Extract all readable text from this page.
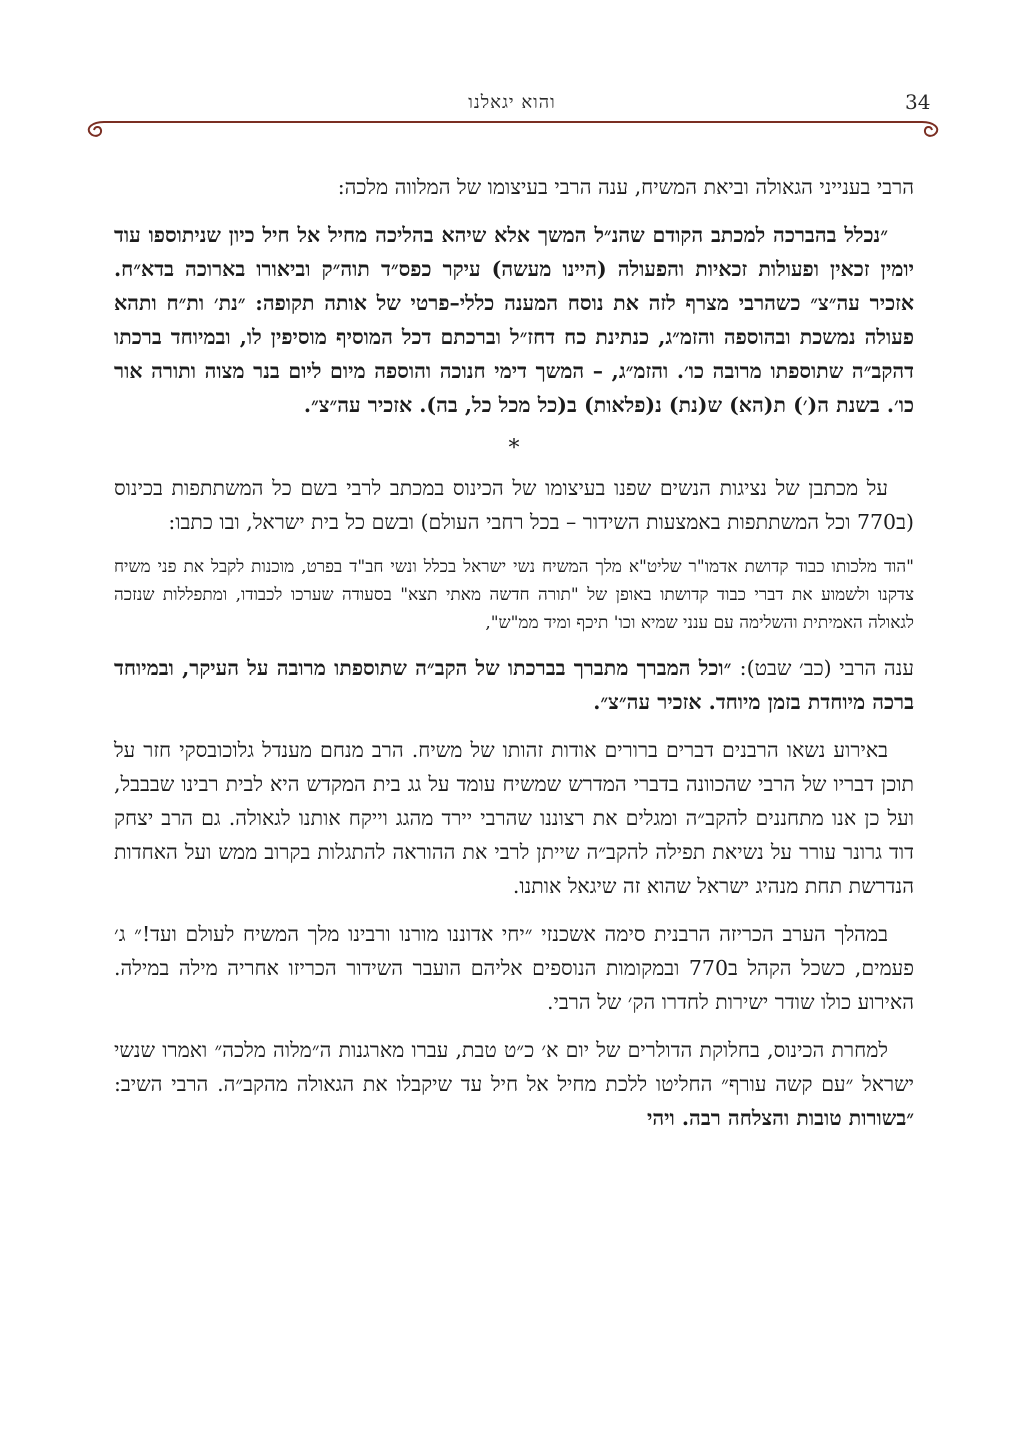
והוא יגאלנו	34

הרבי בענייני הגאולה וביאת המשיח, ענה הרבי בעיצומו של המלווה מלכה:

״נכלל בהברכה למכתב הקודם שהנ״ל המשך אלא שיהא בהליכה מחיל אל חיל כיון שניתוספו עוד יומין זכאין ופעולות זכאיות והפעולה (היינו מעשה) עיקר כפס״ד תוה״ק וביאורו בארוכה בדא״ח. אזכיר עה״צ״ כשהרבי מצרף לזה את נוסח המענה כללי–פרטי של אותה תקופה: ״נת׳ ות״ח ותהא פעולה נמשכת ובהוספה והזמ״ג, כנתינת כח דחז״ל וברכתם דכל המוסיף מוסיפין לו, ובמיוחד ברכתו דהקב״ה שתוספתו מרובה כו׳. והזמ״ג, – המשך דימי חנוכה והוספה מיום ליום בנר מצוה ותורה אור כו׳. בשנת ה(׳) ת(הא) ש(נת) נ(פלאות) ב(כל מכל כל, בה). אזכיר עה״צ״.

*

על מכתבן של נציגות הנשים שפנו בעיצומו של הכינוס במכתב לרבי בשם כל המשתתפות בכינוס (ב770 וכל המשתתפות באמצעות השידור – בכל רחבי העולם) ובשם כל בית ישראל, ובו כתבו:

"הוד מלכותו כבוד קדושת אדמו"ר שליט"א מלך המשיח נשי ישראל בכלל ונשי חב"ד בפרט, מוכנות לקבל את פני משיח צדקנו ולשמוע את דברי כבוד קדושתו באופן של "תורה חדשה מאתי תצא" בסעודה שערכו לכבודו, ומתפללות שנזכה לגאולה האמיתית והשלימה עם ענני שמיא וכו' תיכף ומיד ממ"ש",

ענה הרבי (כב׳ שבט): ״וכל המברך מתברך בברכתו של הקב״ה שתוספתו מרובה על העיקר, ובמיוחד ברכה מיוחדת בזמן מיוחד. אזכיר עה״צ״.

באירוע נשאו הרבנים דברים ברורים אודות זהותו של משיח. הרב מנחם מענדל גלוכובסקי חזר על תוכן דבריו של הרבי שהכוונה בדברי המדרש שמשיח עומד על גג בית המקדש היא לבית רבינו שבבבל, ועל כן אנו מתחננים להקב״ה ומגלים את רצוננו שהרבי יירד מהגג וייקח אותנו לגאולה. גם הרב יצחק דוד גרונר עורר על נשיאת תפילה להקב״ה שייתן לרבי את ההוראה להתגלות בקרוב ממש ועל האחדות הנדרשת תחת מנהיג ישראל שהוא זה שיגאל אותנו.

במהלך הערב הכריזה הרבנית סימה אשכנזי ״יחי אדוננו מורנו ורבינו מלך המשיח לעולם ועד!״ ג׳ פעמים, כשכל הקהל ב770 ובמקומות הנוספים אליהם הועבר השידור הכריזו אחריה מילה במילה. האירוע כולו שודר ישירות לחדרו הק׳ של הרבי.

למחרת הכינוס, בחלוקת הדולרים של יום א׳ כ״ט טבת, עברו מארגנות ה״מלוה מלכה״ ואמרו שנשי ישראל ״עם קשה עורף״ החליטו ללכת מחיל אל חיל עד שיקבלו את הגאולה מהקב״ה. הרבי השיב: ״בשורות טובות והצלחה רבה. ויהי
